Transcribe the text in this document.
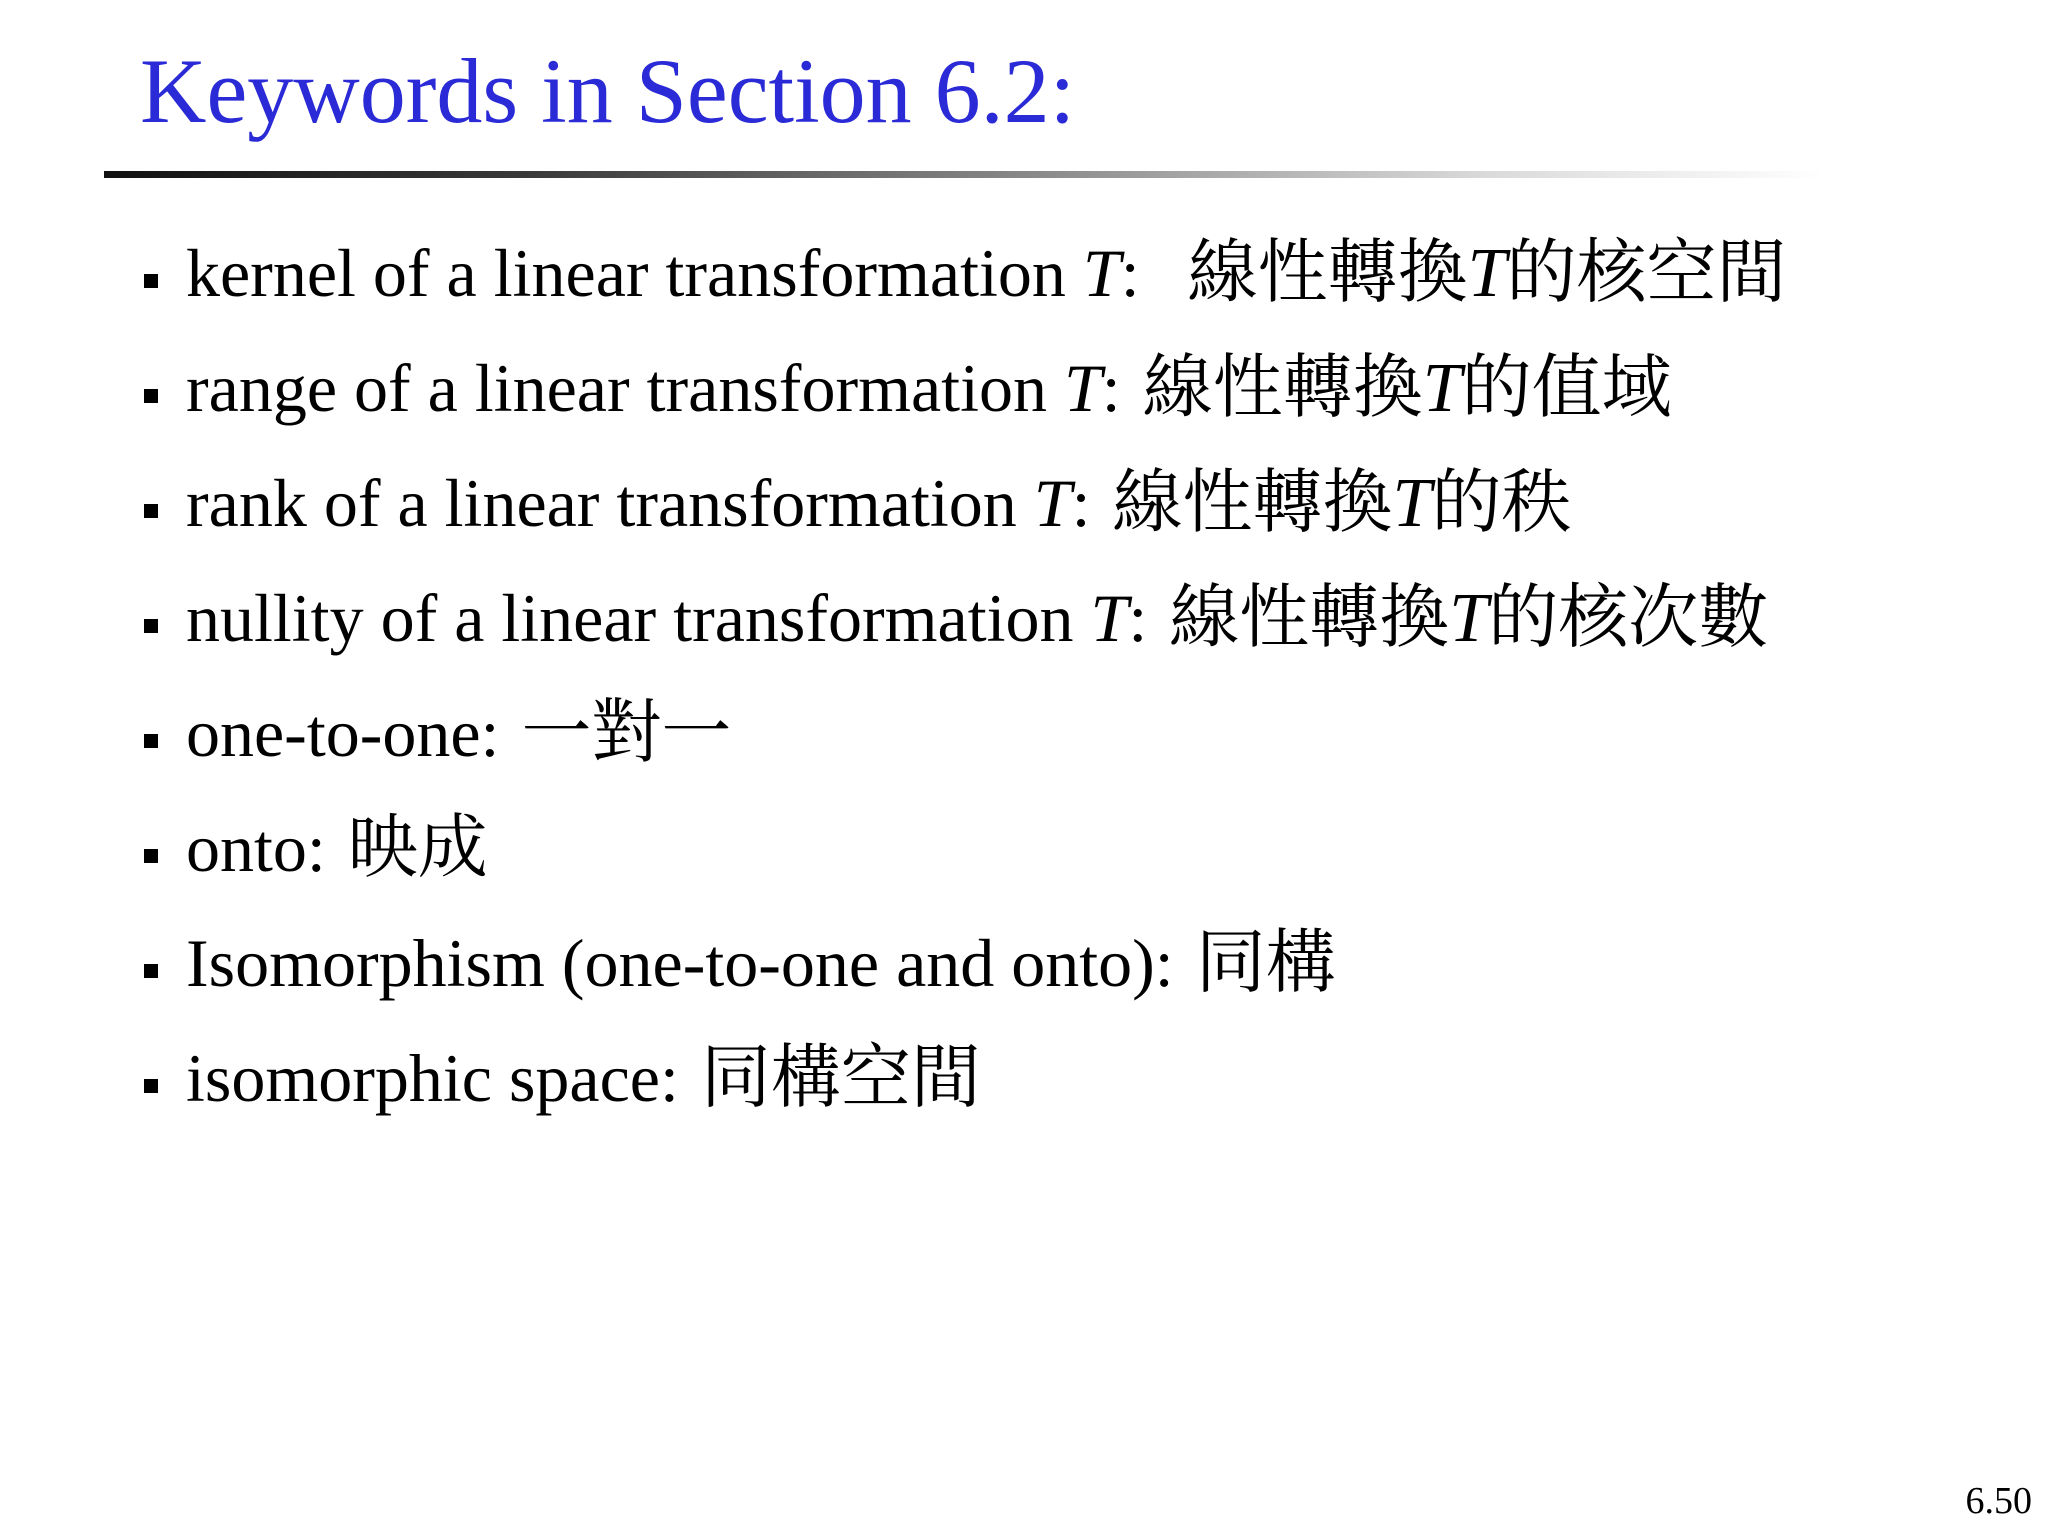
Keywords in Section 6.2:
kernel of a linear transformation T: 線性轉換T的核空間
range of a linear transformation T: 線性轉換T的值域
rank of a linear transformation T: 線性轉換T的秩
nullity of a linear transformation T: 線性轉換T的核次數
one-to-one: 一對一
onto: 映成
Isomorphism (one-to-one and onto): 同構
isomorphic space: 同構空間
6.50
